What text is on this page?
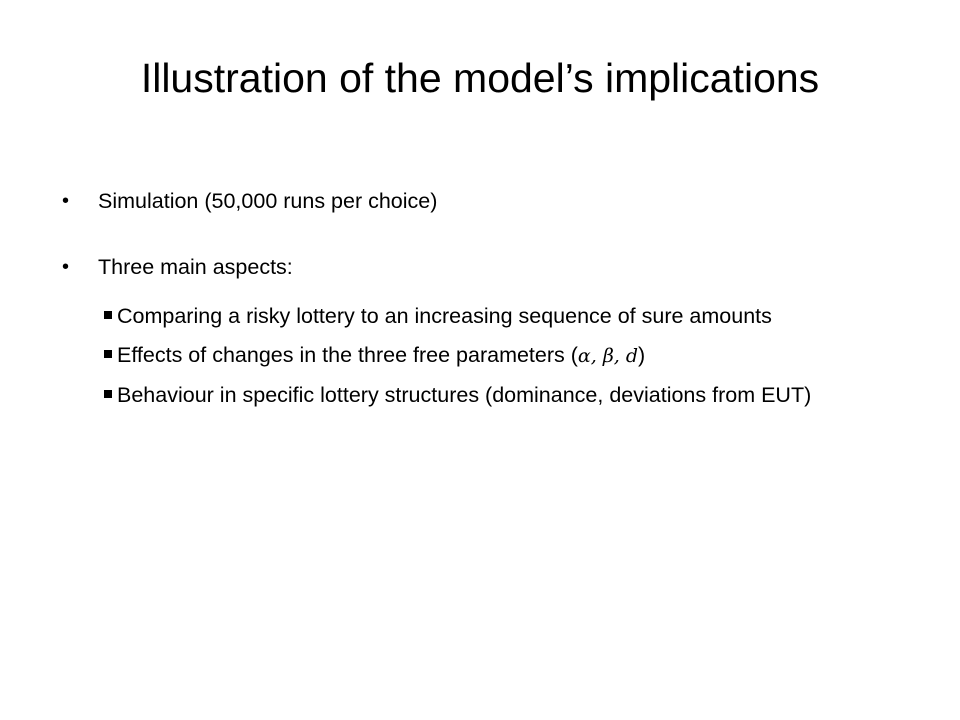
Illustration of the model’s implications

• Simulation (50,000 runs per choice)

• Three main aspects:

Comparing a risky lottery to an increasing sequence of sure amounts

Effects of changes in the three free parameters (α, β, d)

Behaviour in specific lottery structures (dominance, deviations from EUT)
